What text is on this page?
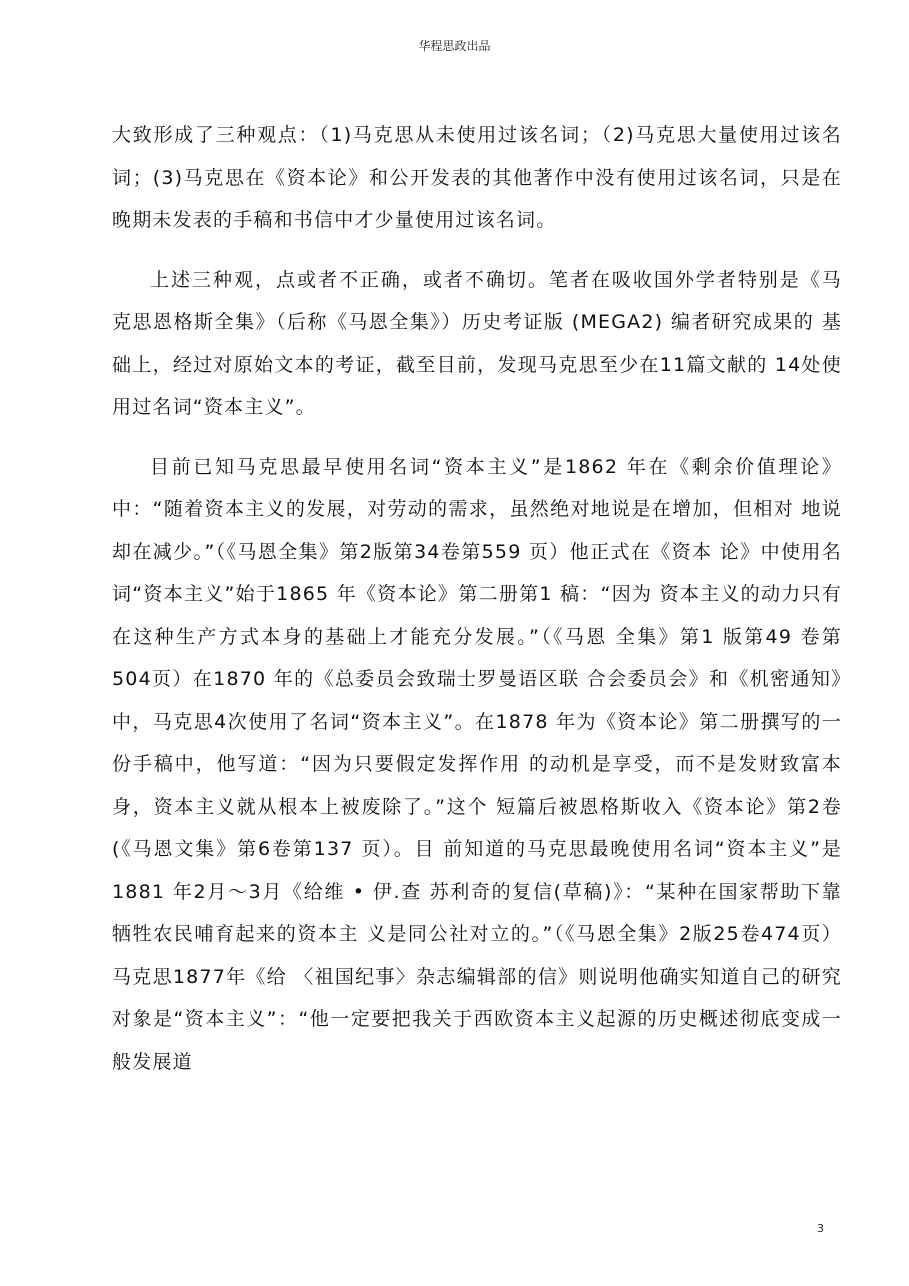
华程思政出品

大致形成了三种观点：（1)马克思从未使用过该名词；（2)马克思大量使用过该名词；(3)马克思在《资本论》和公开发表的其他著作中没有使用过该名词，只是在晚期未发表的手稿和书信中才少量使用过该名词。

上述三种观，点或者不正确，或者不确切。笔者在吸收国外学者特别是《马 克思恩格斯全集》（后称《马恩全集》）历史考证版 (MEGA2) 编者研究成果的 基础上，经过对原始文本的考证，截至目前，发现马克思至少在11篇文献的 14处使用过名词“资本主义”。

目前已知马克思最早使用名词“资本主义”是1862 年在《剩余价值理论》 中：“随着资本主义的发展，对劳动的需求，虽然绝对地说是在增加，但相对 地说却在减少。”（《马恩全集》第2版第34卷第559 页）他正式在《资本 论》中使用名词“资本主义”始于1865 年《资本论》第二册第1 稿：“因为 资本主义的动力只有在这种生产方式本身的基础上才能充分发展。”（《马恩 全集》第1 版第49 卷第504页）在1870 年的《总委员会致瑞士罗曼语区联 合会委员会》和《机密通知》中，马克思4次使用了名词“资本主义”。在1878 年为《资本论》第二册撰写的一份手稿中，他写道：“因为只要假定发挥作用 的动机是享受，而不是发财致富本身，资本主义就从根本上被废除了。”这个 短篇后被恩格斯收入《资本论》第2卷(《马恩文集》第6卷第137 页）。目 前知道的马克思最晚使用名词“资本主义”是1881 年2月～3月《给维 • 伊.查 苏利奇的复信(草稿)》：“某种在国家帮助下靠牺牲农民哺育起来的资本主 义是同公社对立的。”（《马恩全集》2版25卷474页）马克思1877年《给 〈祖国纪事〉杂志编辑部的信》则说明他确实知道自己的研究对象是“资本主义”：“他一定要把我关于西欧资本主义起源的历史概述彻底变成一般发展道

3
